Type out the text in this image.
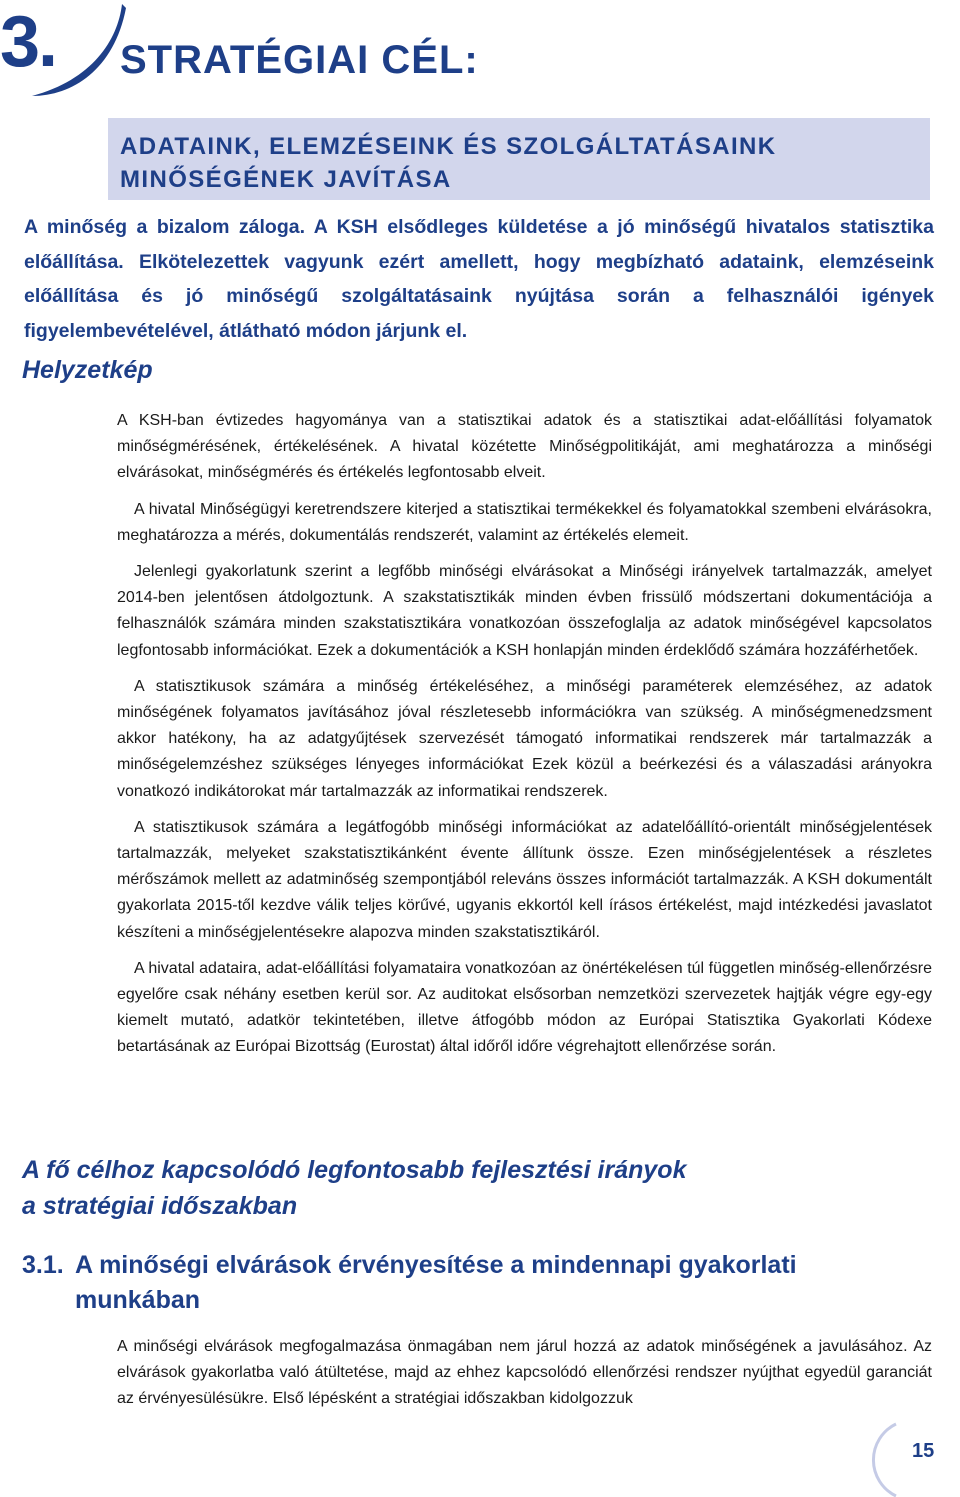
3. STRATÉGIAI CÉL:
ADATAINK, ELEMZÉSEINK ÉS SZOLGÁLTATÁSAINK
MINŐSÉGÉNEK JAVÍTÁSA
A minőség a bizalom záloga. A KSH elsődleges küldetése a jó minőségű hivatalos statisztika előállítása. Elkötelezettek vagyunk ezért amellett, hogy megbízható adataink, elemzéseink előállítása és jó minőségű szolgáltatásaink nyújtása során a felhasználói igények figyelembevételével, átlátható módon járjunk el.
Helyzetkép

A KSH-ban évtizedes hagyománya van a statisztikai adatok és a statisztikai adat-előállítási folyamatok minőségmérésének, értékelésének. A hivatal közétette Minőségpolitikáját, ami meghatározza a minőségi elvárásokat, minőségmérés és értékelés legfontosabb elveit.

A hivatal Minőségügyi keretrendszere kiterjed a statisztikai termékekkel és folyamatokkal szembeni elvárásokra, meghatározza a mérés, dokumentálás rendszerét, valamint az értékelés elemeit.

Jelenlegi gyakorlatunk szerint a legfőbb minőségi elvárásokat a Minőségi irányelvek tartalmazzák, amelyet 2014-ben jelentősen átdolgoztunk. A szakstatisztikák minden évben frissülő módszertani dokumentációja a felhasználók számára minden szakstatisztikára vonatkozóan összefoglalja az adatok minőségével kapcsolatos legfontosabb információkat. Ezek a dokumentációk a KSH honlapján minden érdeklődő számára hozzáférhetőek.

A statisztikusok számára a minőség értékeléséhez, a minőségi paraméterek elemzéséhez, az adatok minőségének folyamatos javításához jóval részletesebb információkra van szükség. A minőségmenedzsment akkor hatékony, ha az adatgyűjtések szervezését támogató informatikai rendszerek már tartalmazzák a minőségelemzéshez szükséges lényeges információkat Ezek közül a beérkezési és a válaszadási arányokra vonatkozó indikátorokat már tartalmazzák az informatikai rendszerek.

A statisztikusok számára a legátfogóbb minőségi információkat az adatelőállító-orientált minőségjelentések tartalmazzák, melyeket szakstatisztikánként évente állítunk össze. Ezen minőségjelentések a részletes mérőszámok mellett az adatminőség szempontjából releváns összes információt tartalmazzák. A KSH dokumentált gyakorlata 2015-től kezdve válik teljes körűvé, ugyanis ekkortól kell írásos értékelést, majd intézkedési javaslatot készíteni a minőségjelentésekre alapozva minden szakstatisztikáról.

A hivatal adataira, adat-előállítási folyamataira vonatkozóan az önértékelésen túl független minőség-ellenőrzésre egyelőre csak néhány esetben kerül sor. Az auditokat elsősorban nemzetközi szervezetek hajtják végre egy-egy kiemelt mutató, adatkör tekintetében, illetve átfogóbb módon az Európai Statisztika Gyakorlati Kódexe betartásának az Európai Bizottság (Eurostat) által időről időre végrehajtott ellenőrzése során.

A fő célhoz kapcsolódó legfontosabb fejlesztési irányok
a stratégiai időszakban
3.1. A minőségi elvárások érvényesítése a mindennapi gyakorlati munkában

A minőségi elvárások megfogalmazása önmagában nem járul hozzá az adatok minőségének a javulásához. Az elvárások gyakorlatba való átültetése, majd az ehhez kapcsolódó ellenőrzési rendszer nyújthat egyedül garanciát az érvényesülésükre. Első lépésként a stratégiai időszakban kidolgozzuk

15
